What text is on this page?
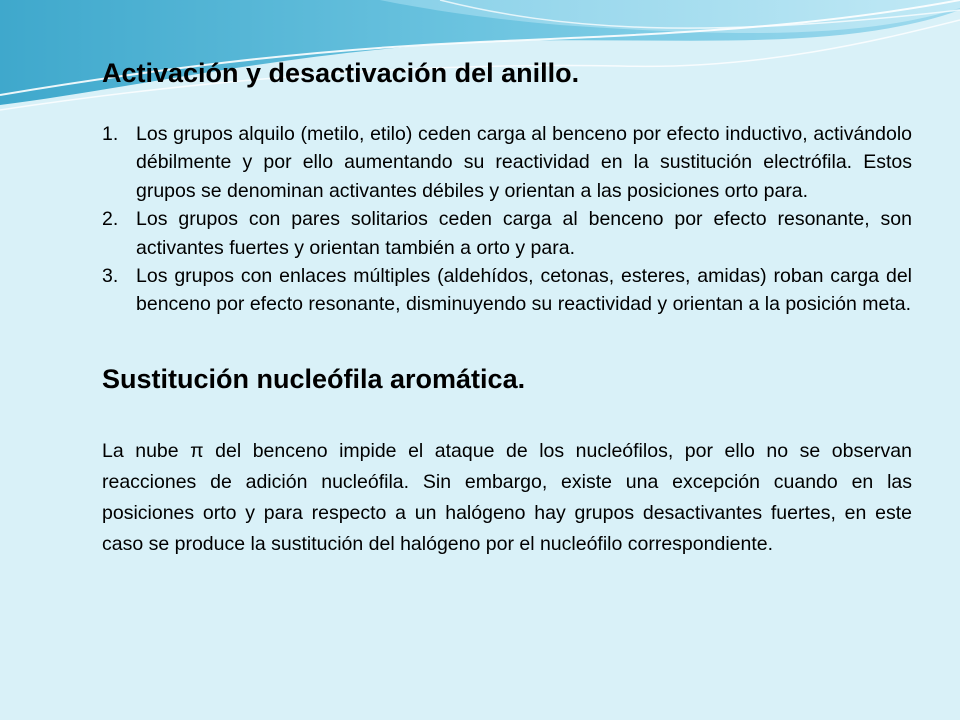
Activación y desactivación del anillo.
1. Los grupos alquilo (metilo, etilo) ceden carga al benceno por efecto inductivo, activándolo débilmente y por ello aumentando su reactividad en la sustitución electrófila. Estos grupos se denominan activantes débiles y orientan a las posiciones orto para.
2. Los grupos con pares solitarios ceden carga al benceno por efecto resonante, son activantes fuertes y orientan también a orto y para.
3. Los grupos con enlaces múltiples (aldehídos, cetonas, esteres, amidas) roban carga del benceno por efecto resonante, disminuyendo su reactividad y orientan a la posición meta.
Sustitución nucleófila aromática.

La nube π del benceno impide el ataque de los nucleófilos, por ello no se observan reacciones de adición nucleófila. Sin embargo, existe una excepción cuando en las posiciones orto y para respecto a un halógeno hay grupos desactivantes fuertes, en este caso se produce la sustitución del halógeno por el nucleófilo correspondiente.
